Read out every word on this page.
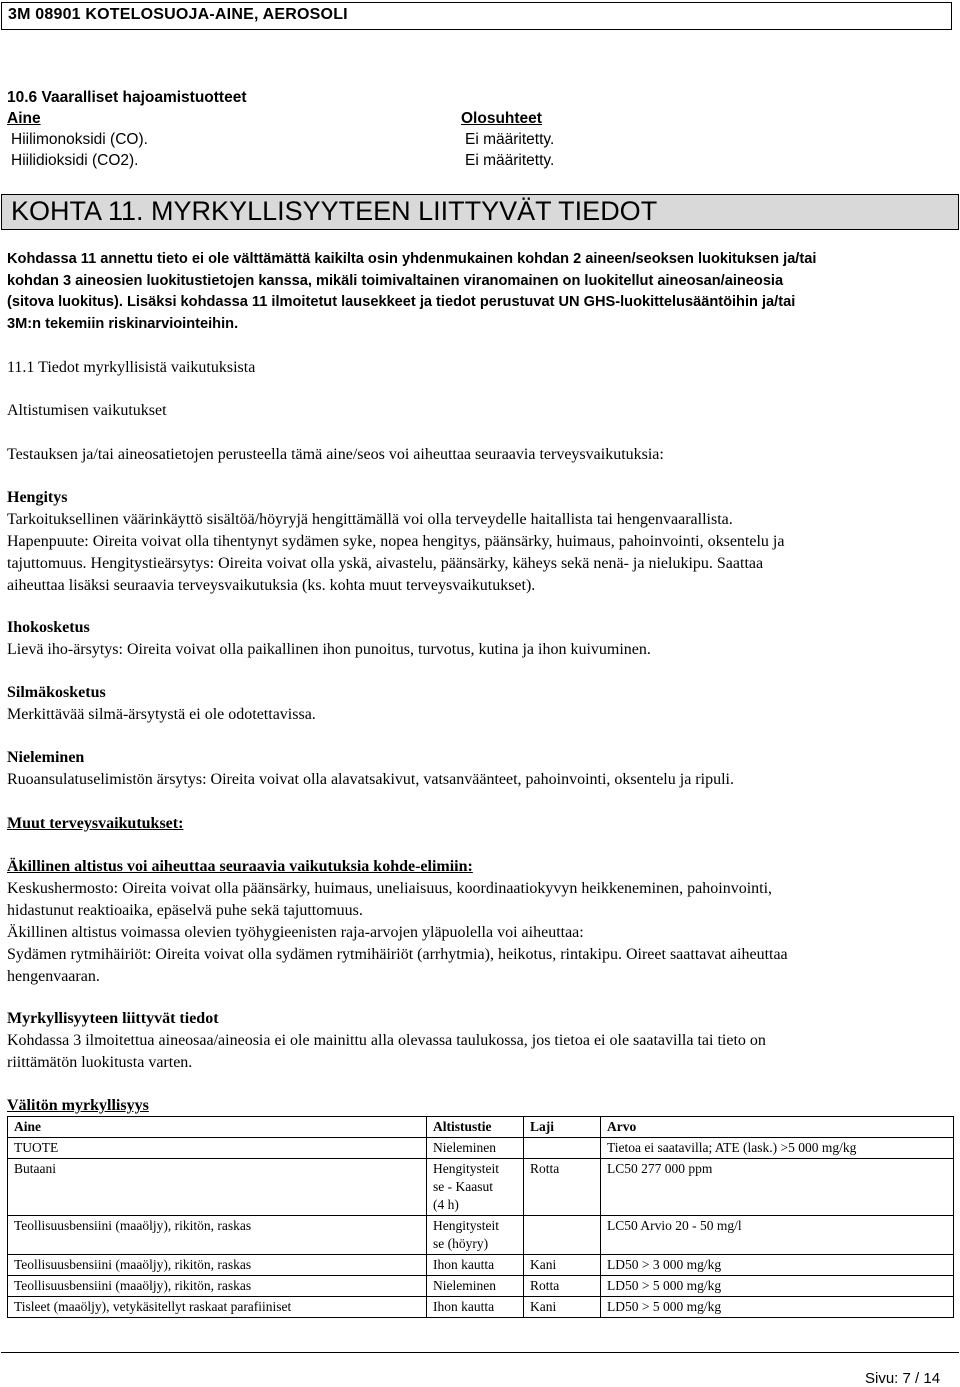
3M 08901 KOTELOSUOJA-AINE, AEROSOLI
10.6 Vaaralliset hajoamistuotteet
Aine	Olosuhteet
Hiilimonoksidi (CO).	Ei määritetty.
Hiilidioksidi (CO2).	Ei määritetty.
KOHTA 11. MYRKYLLISYYTEEN LIITTYVÄT TIEDOT
Kohdassa 11 annettu tieto ei ole välttämättä kaikilta osin yhdenmukainen kohdan 2 aineen/seoksen luokituksen ja/tai
kohdan 3 aineosien luokitustietojen kanssa, mikäli toimivaltainen viranomainen on luokitellut aineosan/aineosia
(sitova luokitus). Lisäksi kohdassa 11 ilmoitetut lausekkeet ja tiedot perustuvat UN GHS-luokittelusääntöihin ja/tai
3M:n tekemiin riskinarviointeihin.
11.1 Tiedot myrkyllisistä vaikutuksista
Altistumisen vaikutukset
Testauksen ja/tai aineosatietojen perusteella tämä aine/seos voi aiheuttaa seuraavia terveysvaikutuksia:
Hengitys
Tarkoituksellinen väärinkäyttö sisältöä/höyryjä hengittämällä voi olla terveydelle haitallista tai hengenvaarallista.
Hapenpuute: Oireita voivat olla tihentynyt sydämen syke, nopea hengitys, päänsärky, huimaus, pahoinvointi, oksentelu ja
tajuttomuus. Hengitystieärsytys: Oireita voivat olla yskä, aivastelu, päänsärky, käheys sekä nenä- ja nielukipu. Saattaa
aiheuttaa lisäksi seuraavia terveysvaikutuksia (ks. kohta muut terveysvaikutukset).
Ihokosketus
Lievä iho-ärsytys: Oireita voivat olla paikallinen ihon punoitus, turvotus, kutina ja ihon kuivuminen.
Silmäkosketus
Merkittävää silmä-ärsytystä ei ole odotettavissa.
Nieleminen
Ruoansulatuselimistön ärsytys: Oireita voivat olla alavatsakivut, vatsanväänteet, pahoinvointi, oksentelu ja ripuli.
Muut terveysvaikutukset:
Äkillinen altistus voi aiheuttaa seuraavia vaikutuksia kohde-elimiin:
Keskushermosto: Oireita voivat olla päänsärky, huimaus, uneliaisuus, koordinaatiokyvyn heikkeneminen, pahoinvointi,
hidastunut reaktioaika, epäselvä puhe sekä tajuttomuus.
Äkillinen altistus voimassa olevien työhygieenisten raja-arvojen yläpuolella voi aiheuttaa:
Sydämen rytmihäiriöt: Oireita voivat olla sydämen rytmihäiriöt (arrhytmia), heikotus, rintakipu. Oireet saattavat aiheuttaa
hengenvaaran.
Myrkyllisyyteen liittyvät tiedot
Kohdassa 3 ilmoitettua aineosaa/aineosia ei ole mainittu alla olevassa taulukossa, jos tietoa ei ole saatavilla tai tieto on
riittämätön luokitusta varten.
Välitön myrkyllisyys
Aine	Altistustie	Laji	Arvo
TUOTE	Nieleminen		Tietoa ei saatavilla; ATE (lask.) >5 000 mg/kg
Butaani	Hengitysteit
se - Kaasut
(4 h)	Rotta	LC50 277 000 ppm
Teollisuusbensiini (maaöljy), rikitön, raskas	Hengitysteit
se (höyry)		LC50 Arvio 20 - 50 mg/l
Teollisuusbensiini (maaöljy), rikitön, raskas	Ihon kautta	Kani	LD50 > 3 000 mg/kg
Teollisuusbensiini (maaöljy), rikitön, raskas	Nieleminen	Rotta	LD50 > 5 000 mg/kg
Tisleet (maaöljy), vetykäsitellyt raskaat parafiiniset	Ihon kautta	Kani	LD50 > 5 000 mg/kg
Sivu: 7 / 14
